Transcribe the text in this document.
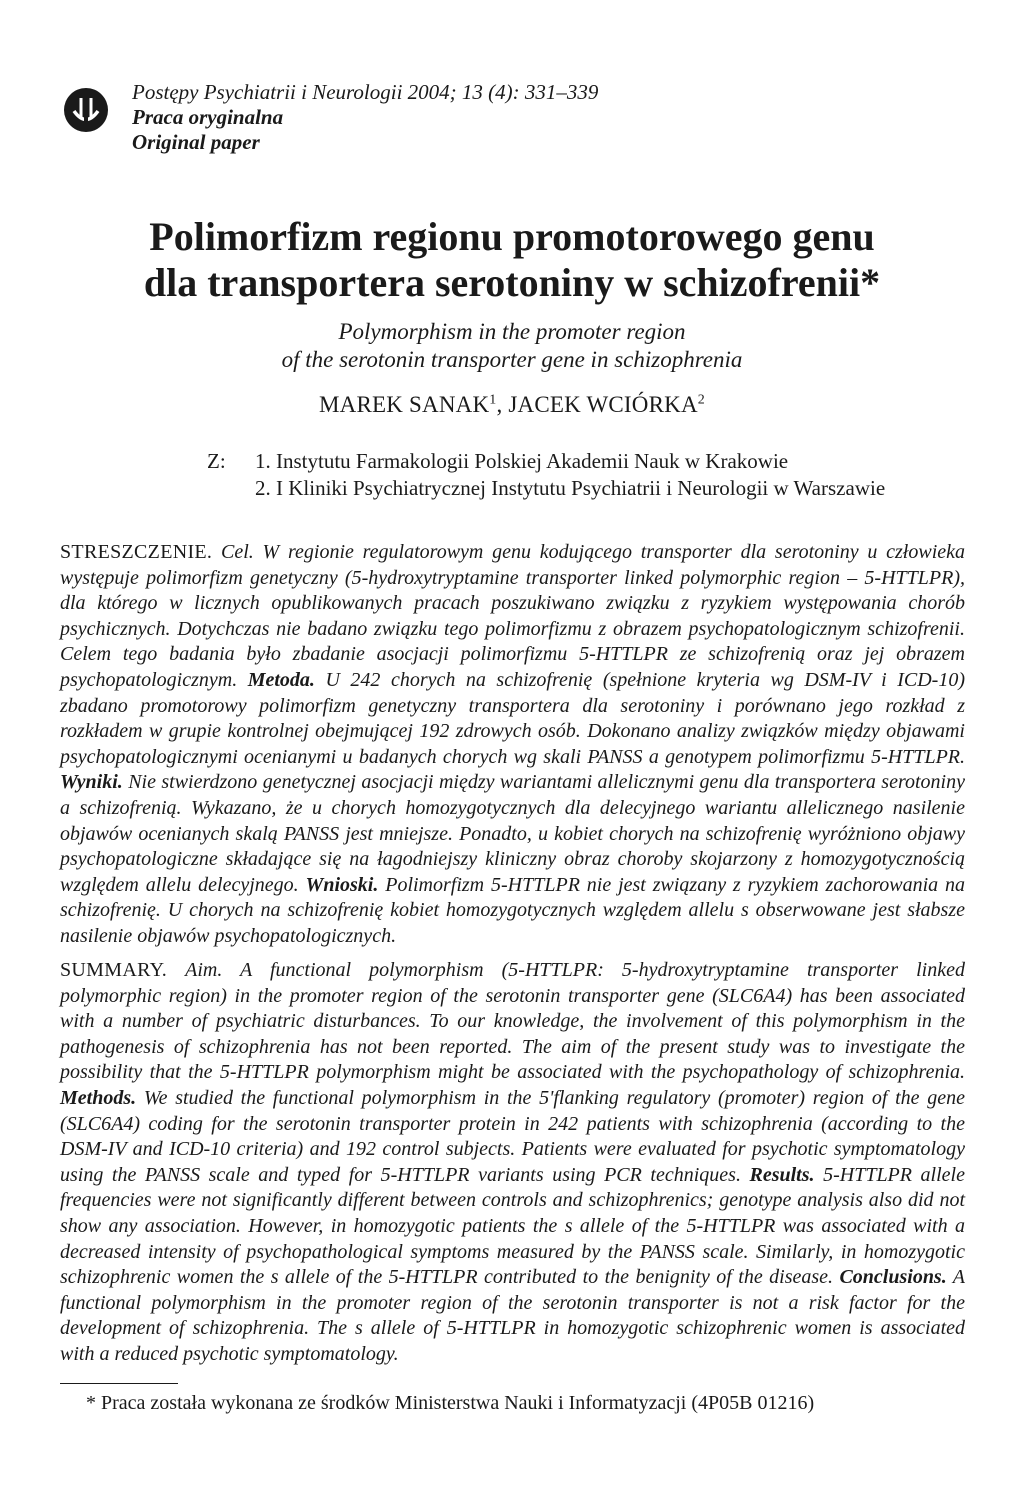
Postępy Psychiatrii i Neurologii 2004; 13 (4): 331–339
Praca oryginalna
Original paper
Polimorfizm regionu promotorowego genu
dla transportera serotoniny w schizofrenii*
Polymorphism in the promoter region
of the serotonin transporter gene in schizophrenia
MAREK SANAK$^1$, JACEK WCIÓRKA$^2$
Z: 1. Instytutu Farmakologii Polskiej Akademii Nauk w Krakowie
2. I Kliniki Psychiatrycznej Instytutu Psychiatrii i Neurologii w Warszawie
STRESZCZENIE. Cel. W regionie regulatorowym genu kodującego transporter dla serotoniny u człowieka występuje polimorfizm genetyczny (5-hydroxytryptamine transporter linked polymorphic region – 5-HTTLPR), dla którego w licznych opublikowanych pracach poszukiwano związku z ryzykiem występowania chorób psychicznych. Dotychczas nie badano związku tego polimorfizmu z obrazem psychopatologicznym schizofrenii. Celem tego badania było zbadanie asocjacji polimorfizmu 5-HTTLPR ze schizofrenią oraz jej obrazem psychopatologicznym. Metoda. U 242 chorych na schizofrenię (spełnione kryteria wg DSM-IV i ICD-10) zbadano promotorowy polimorfizm genetyczny transportera dla serotoniny i porównano jego rozkład z rozkładem w grupie kontrolnej obejmującej 192 zdrowych osób. Dokonano analizy związków między objawami psychopatologicznymi ocenianymi u badanych chorych wg skali PANSS a genotypem polimorfizmu 5-HTTLPR. Wyniki. Nie stwierdzono genetycznej asocjacji między wariantami allelicznymi genu dla transportera serotoniny a schizofrenią. Wykazano, że u chorych homozygotycznych dla delecyjnego wariantu allelicznego nasilenie objawów ocenianych skalą PANSS jest mniejsze. Ponadto, u kobiet chorych na schizofrenię wyróżniono objawy psychopatologiczne składające się na łagodniejszy kliniczny obraz choroby skojarzony z homozygotycznością względem allelu delecyjnego. Wnioski. Polimorfizm 5-HTTLPR nie jest związany z ryzykiem zachorowania na schizofrenię. U chorych na schizofrenię kobiet homozygotycznych względem allelu s obserwowane jest słabsze nasilenie objawów psychopatologicznych.
SUMMARY. Aim. A functional polymorphism (5-HTTLPR: 5-hydroxytryptamine transporter linked polymorphic region) in the promoter region of the serotonin transporter gene (SLC6A4) has been associated with a number of psychiatric disturbances. To our knowledge, the involvement of this polymorphism in the pathogenesis of schizophrenia has not been reported. The aim of the present study was to investigate the possibility that the 5-HTTLPR polymorphism might be associated with the psychopathology of schizophrenia. Methods. We studied the functional polymorphism in the 5'flanking regulatory (promoter) region of the gene (SLC6A4) coding for the serotonin transporter protein in 242 patients with schizophrenia (according to the DSM-IV and ICD-10 criteria) and 192 control subjects. Patients were evaluated for psychotic symptomatology using the PANSS scale and typed for 5-HTTLPR variants using PCR techniques. Results. 5-HTTLPR allele frequencies were not significantly different between controls and schizophrenics; genotype analysis also did not show any association. However, in homozygotic patients the s allele of the 5-HTTLPR was associated with a decreased intensity of psychopathological symptoms measured by the PANSS scale. Similarly, in homozygotic schizophrenic women the s allele of the 5-HTTLPR contributed to the benignity of the disease. Conclusions. A functional polymorphism in the promoter region of the serotonin transporter is not a risk factor for the development of schizophrenia. The s allele of 5-HTTLPR in homozygotic schizophrenic women is associated with a reduced psychotic symptomatology.
* Praca została wykonana ze środków Ministerstwa Nauki i Informatyzacji (4P05B 01216)
